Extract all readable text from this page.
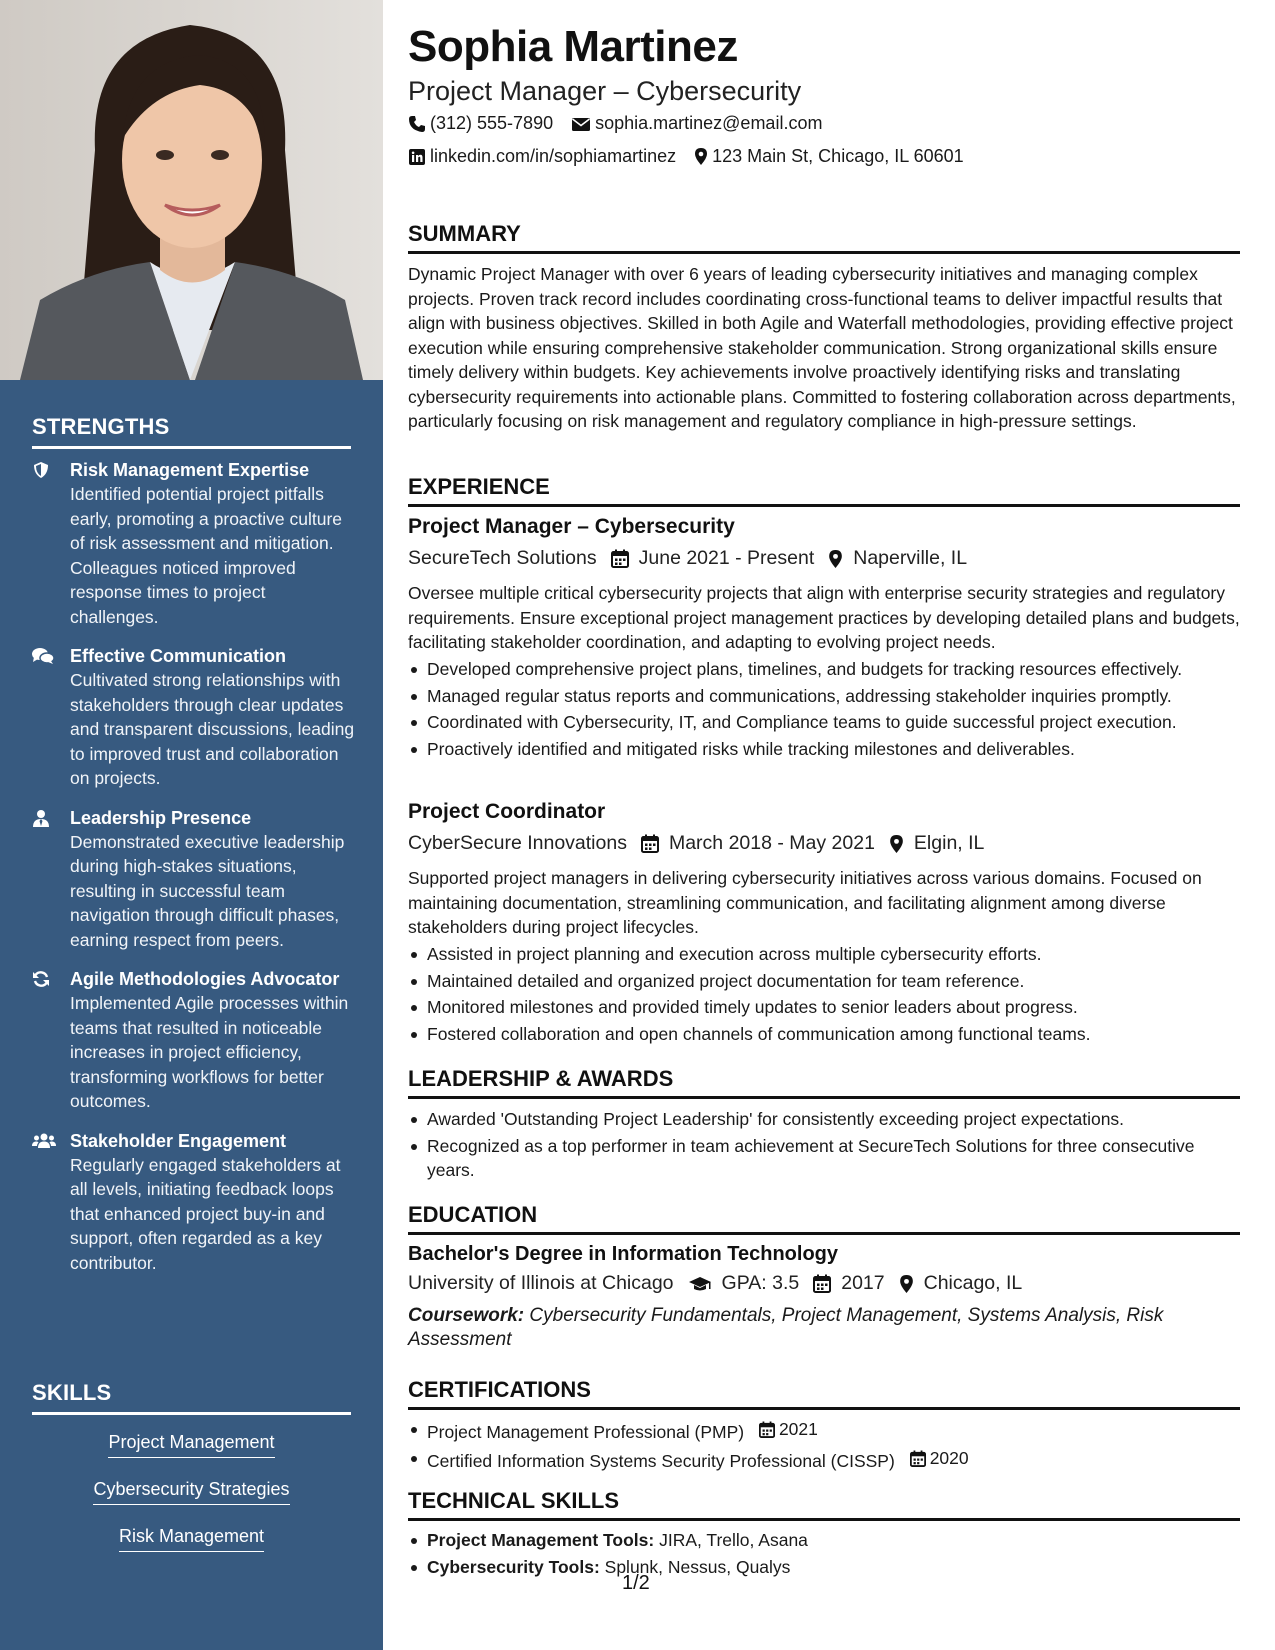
STRENGTHS
Risk Management Expertise
Identified potential project pitfalls early, promoting a proactive culture of risk assessment and mitigation. Colleagues noticed improved response times to project challenges.
Effective Communication
Cultivated strong relationships with stakeholders through clear updates and transparent discussions, leading to improved trust and collaboration on projects.
Leadership Presence
Demonstrated executive leadership during high-stakes situations, resulting in successful team navigation through difficult phases, earning respect from peers.
Agile Methodologies Advocator
Implemented Agile processes within teams that resulted in noticeable increases in project efficiency, transforming workflows for better outcomes.
Stakeholder Engagement
Regularly engaged stakeholders at all levels, initiating feedback loops that enhanced project buy-in and support, often regarded as a key contributor.
SKILLS
Project Management
Cybersecurity Strategies
Risk Management
Sophia Martinez
Project Manager – Cybersecurity
(312) 555-7890 sophia.martinez@email.com
linkedin.com/in/sophiamartinez 123 Main St, Chicago, IL 60601
SUMMARY
Dynamic Project Manager with over 6 years of leading cybersecurity initiatives and managing complex projects. Proven track record includes coordinating cross-functional teams to deliver impactful results that align with business objectives. Skilled in both Agile and Waterfall methodologies, providing effective project execution while ensuring comprehensive stakeholder communication. Strong organizational skills ensure timely delivery within budgets. Key achievements involve proactively identifying risks and translating cybersecurity requirements into actionable plans. Committed to fostering collaboration across departments, particularly focusing on risk management and regulatory compliance in high-pressure settings.
EXPERIENCE
Project Manager – Cybersecurity
SecureTech Solutions June 2021 - Present Naperville, IL
Oversee multiple critical cybersecurity projects that align with enterprise security strategies and regulatory requirements. Ensure exceptional project management practices by developing detailed plans and budgets, facilitating stakeholder coordination, and adapting to evolving project needs.
Developed comprehensive project plans, timelines, and budgets for tracking resources effectively.
Managed regular status reports and communications, addressing stakeholder inquiries promptly.
Coordinated with Cybersecurity, IT, and Compliance teams to guide successful project execution.
Proactively identified and mitigated risks while tracking milestones and deliverables.
Project Coordinator
CyberSecure Innovations March 2018 - May 2021 Elgin, IL
Supported project managers in delivering cybersecurity initiatives across various domains. Focused on maintaining documentation, streamlining communication, and facilitating alignment among diverse stakeholders during project lifecycles.
Assisted in project planning and execution across multiple cybersecurity efforts.
Maintained detailed and organized project documentation for team reference.
Monitored milestones and provided timely updates to senior leaders about progress.
Fostered collaboration and open channels of communication among functional teams.
LEADERSHIP & AWARDS
Awarded 'Outstanding Project Leadership' for consistently exceeding project expectations.
Recognized as a top performer in team achievement at SecureTech Solutions for three consecutive years.
EDUCATION
Bachelor's Degree in Information Technology
University of Illinois at Chicago GPA: 3.5 2017 Chicago, IL
Coursework: Cybersecurity Fundamentals, Project Management, Systems Analysis, Risk Assessment
CERTIFICATIONS
Project Management Professional (PMP) 2021
Certified Information Systems Security Professional (CISSP) 2020
TECHNICAL SKILLS
Project Management Tools: JIRA, Trello, Asana
Cybersecurity Tools: Splunk, Nessus, Qualys
1/2
